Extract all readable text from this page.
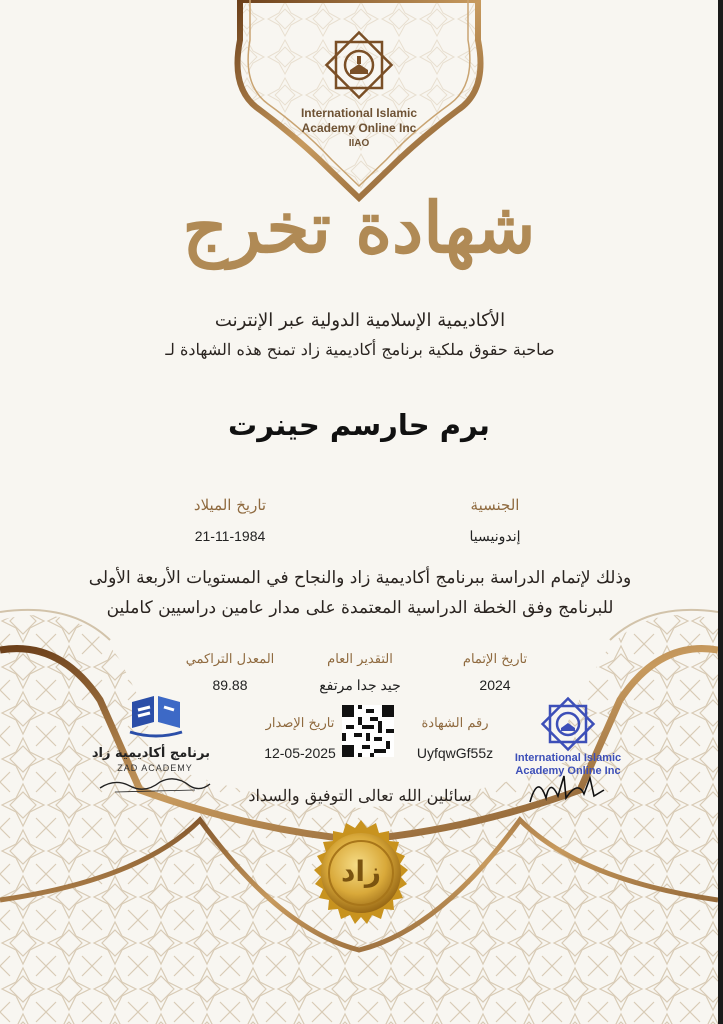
International Islamic
Academy Online Inc
IIAO
شهادة تخرج
الأكاديمية الإسلامية الدولية عبر الإنترنت
صاحبة حقوق ملكية برنامج أكاديمية زاد تمنح هذه الشهادة لـ
برم حارسم حينرت
الجنسية
إندونيسيا
تاريخ الميلاد
21-11-1984
وذلك لإتمام الدراسة ببرنامج أكاديمية زاد والنجاح في المستويات الأربعة الأولى
للبرنامج وفق الخطة الدراسية المعتمدة على مدار عامين دراسيين كاملين
تاريخ الإتمام
2024
التقدير العام
جيد جدا مرتفع
المعدل التراكمي
89.88
تاريخ الإصدار
12-05-2025
رقم الشهادة
UyfqwGf55z
برنامج أكاديمية زاد
ZAD ACADEMY
International Islamic
Academy Online Inc
سائلين الله تعالى التوفيق والسداد
زاد
